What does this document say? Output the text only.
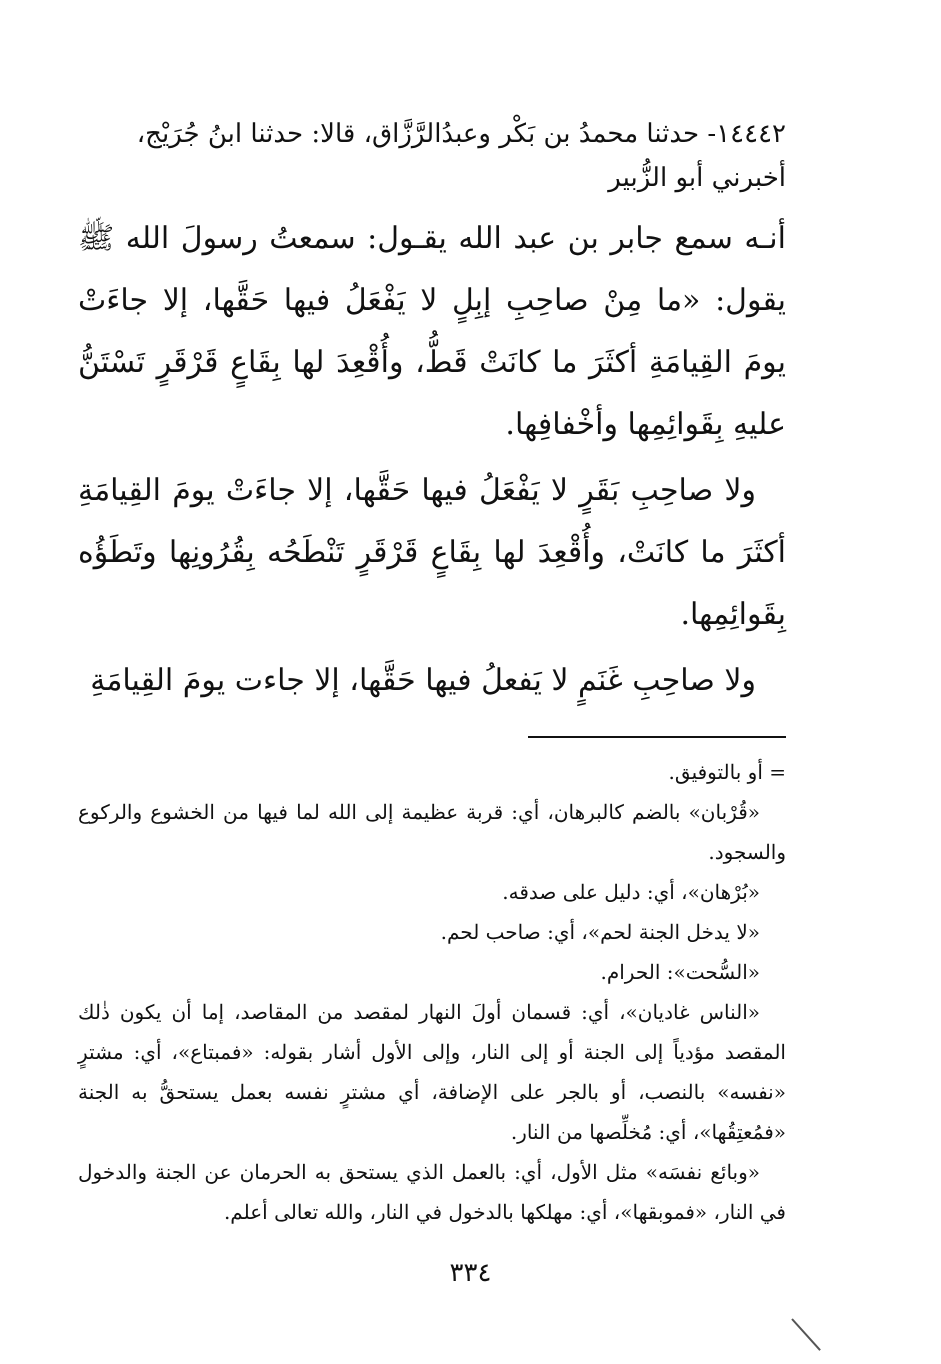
١٤٤٤٢- حدثنا محمدُ بن بَكْر وعبدُالرَّزَّاق، قالا: حدثنا ابنُ جُرَيْج،
أخبرني أبو الزُّبير

أنـه سمع جابر بن عبد الله يقـول: سمعتُ رسولَ الله ﷺ يقول: «ما مِنْ صاحِبِ إبِلٍ لا يَفْعَلُ فيها حَقَّها، إلا جاءَتْ يومَ القِيامَةِ أكثَرَ ما كانَتْ قَطُّ، وأُقْعِدَ لها بِقَاعٍ قَرْقَرٍ تَسْتَنُّ عليهِ بِقَوائِمِها وأخْفافِها.

ولا صاحِبِ بَقَرٍ لا يَفْعَلُ فيها حَقَّها، إلا جاءَتْ يومَ القِيامَةِ أكثَرَ ما كانَتْ، وأُقْعِدَ لها بِقَاعٍ قَرْقَرٍ تَنْطَحُه بِقُرُونِها وتَطَؤُه بِقَوائِمِها.

ولا صاحِبِ غَنَمٍ لا يَفعلُ فيها حَقَّها، إلا جاءت يومَ القِيامَةِ

= أو بالتوفيق.

«قُرْبان» بالضم كالبرهان، أي: قربة عظيمة إلى الله لما فيها من الخشوع والركوع والسجود.

«بُرْهان»، أي: دليل على صدقه.

«لا يدخل الجنة لحم»، أي: صاحب لحم.

«السُّحت»: الحرام.

«الناس غاديان»، أي: قسمان أولَ النهار لمقصد من المقاصد، إما أن يكون ذٰلك المقصد مؤدياً إلى الجنة أو إلى النار، وإلى الأول أشار بقوله: «فمبتاع»، أي: مشترٍ «نفسه» بالنصب، أو بالجر على الإضافة، أي مشترٍ نفسه بعمل يستحقُّ به الجنة «فمُعتِقُها»، أي: مُخلِّصها من النار.

«وبائع نفسَه» مثل الأول، أي: بالعمل الذي يستحق به الحرمان عن الجنة والدخول في النار، «فموبقها»، أي: مهلكها بالدخول في النار، والله تعالى أعلم.

٣٣٤
